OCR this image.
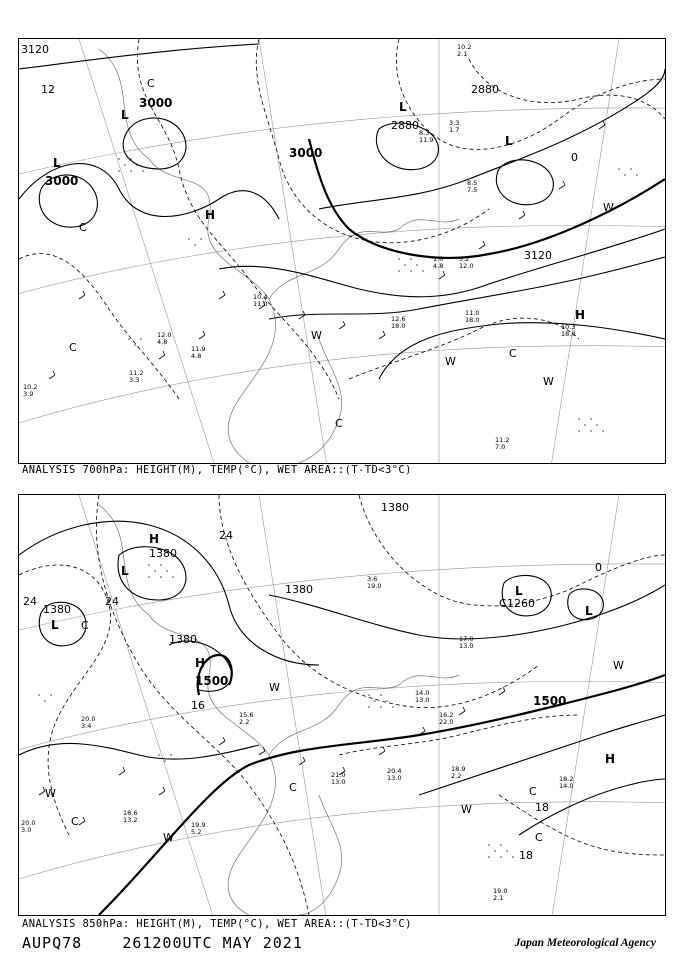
3120
3000
3000
3000
2880
2880
3120
12
0
L
L
L
L
H
H
C
C
C	C
C
W
W
W
W
10.2
2.1
3.3
1.7
11.0
18.0
10.3
18.0
12.6
18.0
11.2
7.0
12.0
4.8
11.9
4.8
1.0
4.8
5.2
12.0
8.5
7.5
10.4
11.0
11.2
3.3
10.2
3.9
8.3
11.9
ANALYSIS 700hPa: HEIGHT(M), TEMP(°C), WET AREA::(T-TD<3°C)
1380
1380
1380
1380
1260
1500
1500
1380
24
24
24
16
18
18
0
L
L
L
L
H
H
H
C
C
C	C
C
C
W
W
W
W
W
19.0
2.1
18.2
14.0
20.4
13.0
21.0
13.0
18.9
2.2
20.0
3.4
18.6
13.2
19.9
5.2
16.2
22.0
14.0
13.0
15.6
2.2
17.0
13.0
20.0
3.0
3.6
19.0
ANALYSIS 850hPa: HEIGHT(M), TEMP(°C), WET AREA::(T-TD<3°C)
AUPQ78	261200UTC MAY 2021	Japan Meteorological Agency
